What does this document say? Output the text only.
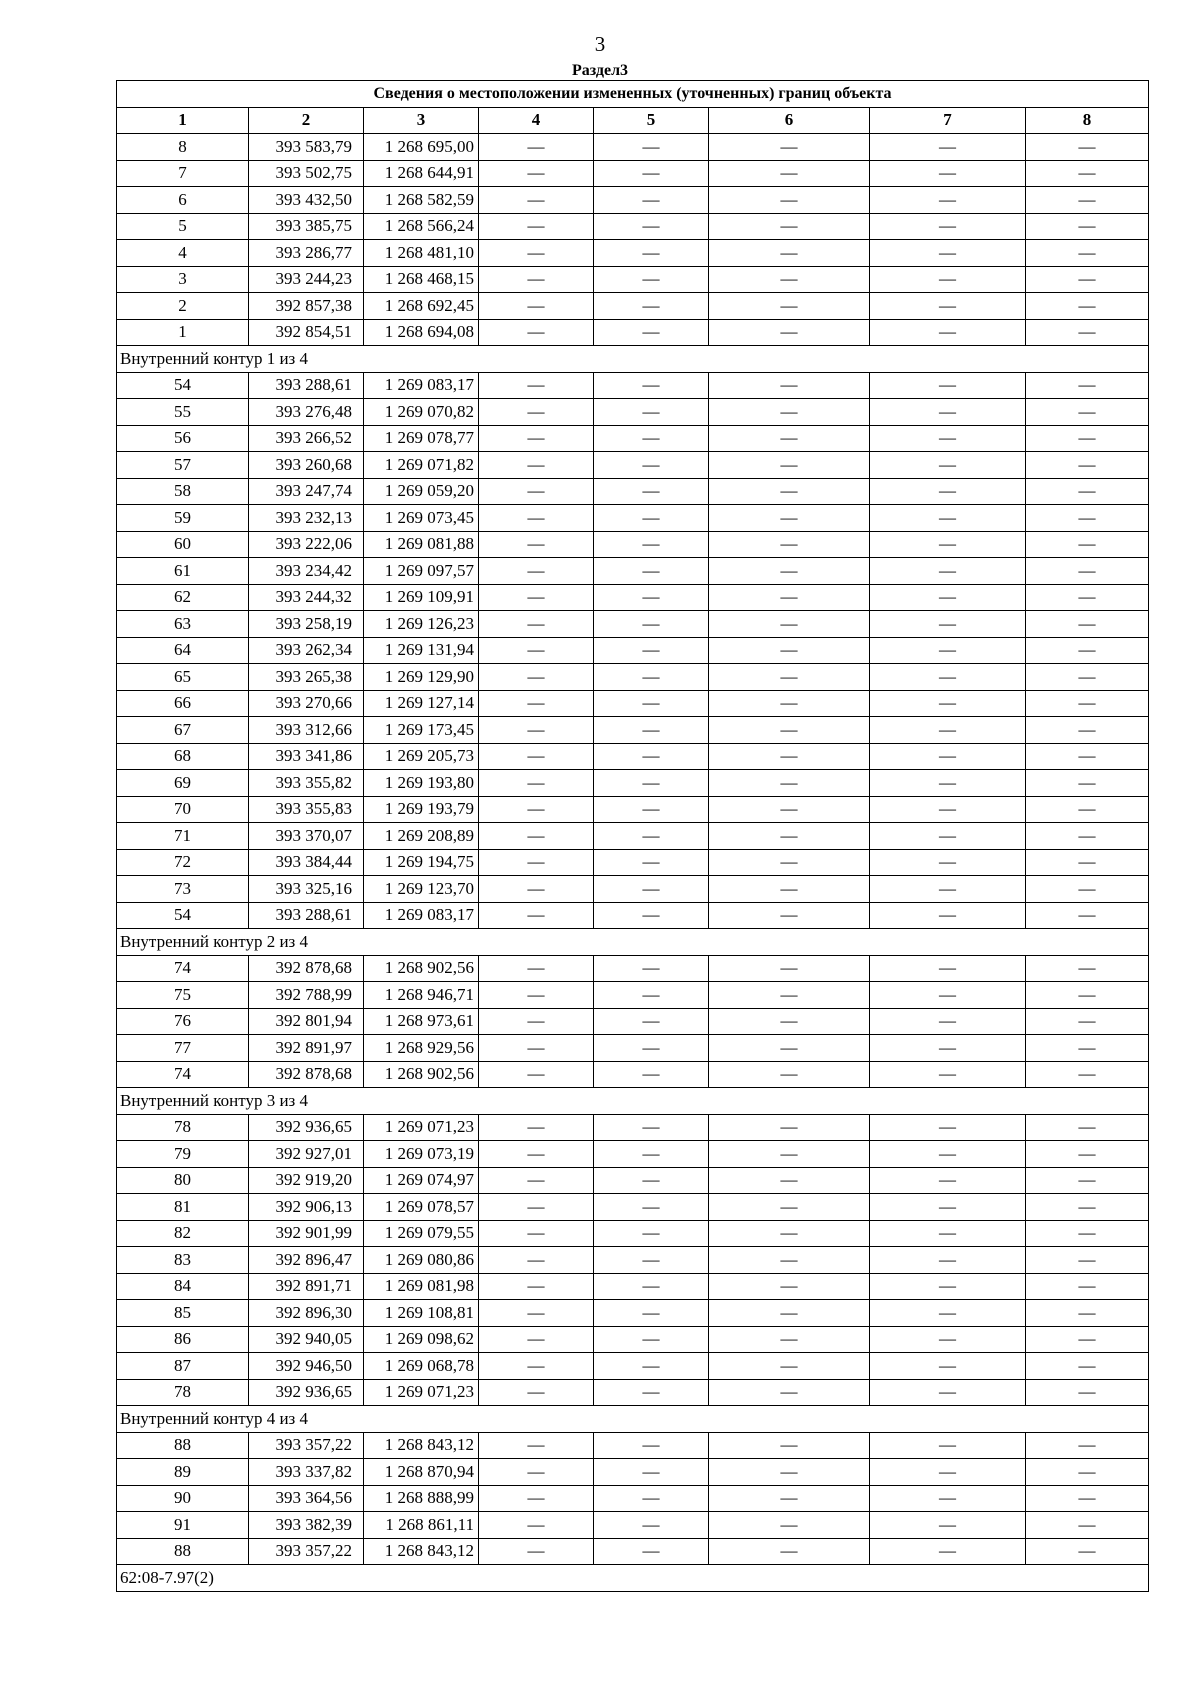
3
Раздел3
Сведения о местоположении измененных (уточненных) границ объекта							
1	2	3	4	5	6	7	8
8	393 583,79	1 268 695,00	—	—	—	—	—
7	393 502,75	1 268 644,91	—	—	—	—	—
6	393 432,50	1 268 582,59	—	—	—	—	—
5	393 385,75	1 268 566,24	—	—	—	—	—
4	393 286,77	1 268 481,10	—	—	—	—	—
3	393 244,23	1 268 468,15	—	—	—	—	—
2	392 857,38	1 268 692,45	—	—	—	—	—
1	392 854,51	1 268 694,08	—	—	—	—	—
Внутренний контур 1 из 4							
54	393 288,61	1 269 083,17	—	—	—	—	—
55	393 276,48	1 269 070,82	—	—	—	—	—
56	393 266,52	1 269 078,77	—	—	—	—	—
57	393 260,68	1 269 071,82	—	—	—	—	—
58	393 247,74	1 269 059,20	—	—	—	—	—
59	393 232,13	1 269 073,45	—	—	—	—	—
60	393 222,06	1 269 081,88	—	—	—	—	—
61	393 234,42	1 269 097,57	—	—	—	—	—
62	393 244,32	1 269 109,91	—	—	—	—	—
63	393 258,19	1 269 126,23	—	—	—	—	—
64	393 262,34	1 269 131,94	—	—	—	—	—
65	393 265,38	1 269 129,90	—	—	—	—	—
66	393 270,66	1 269 127,14	—	—	—	—	—
67	393 312,66	1 269 173,45	—	—	—	—	—
68	393 341,86	1 269 205,73	—	—	—	—	—
69	393 355,82	1 269 193,80	—	—	—	—	—
70	393 355,83	1 269 193,79	—	—	—	—	—
71	393 370,07	1 269 208,89	—	—	—	—	—
72	393 384,44	1 269 194,75	—	—	—	—	—
73	393 325,16	1 269 123,70	—	—	—	—	—
54	393 288,61	1 269 083,17	—	—	—	—	—
Внутренний контур 2 из 4							
74	392 878,68	1 268 902,56	—	—	—	—	—
75	392 788,99	1 268 946,71	—	—	—	—	—
76	392 801,94	1 268 973,61	—	—	—	—	—
77	392 891,97	1 268 929,56	—	—	—	—	—
74	392 878,68	1 268 902,56	—	—	—	—	—
Внутренний контур 3 из 4							
78	392 936,65	1 269 071,23	—	—	—	—	—
79	392 927,01	1 269 073,19	—	—	—	—	—
80	392 919,20	1 269 074,97	—	—	—	—	—
81	392 906,13	1 269 078,57	—	—	—	—	—
82	392 901,99	1 269 079,55	—	—	—	—	—
83	392 896,47	1 269 080,86	—	—	—	—	—
84	392 891,71	1 269 081,98	—	—	—	—	—
85	392 896,30	1 269 108,81	—	—	—	—	—
86	392 940,05	1 269 098,62	—	—	—	—	—
87	392 946,50	1 269 068,78	—	—	—	—	—
78	392 936,65	1 269 071,23	—	—	—	—	—
Внутренний контур 4 из 4							
88	393 357,22	1 268 843,12	—	—	—	—	—
89	393 337,82	1 268 870,94	—	—	—	—	—
90	393 364,56	1 268 888,99	—	—	—	—	—
91	393 382,39	1 268 861,11	—	—	—	—	—
88	393 357,22	1 268 843,12	—	—	—	—	—
62:08-7.97(2)							
